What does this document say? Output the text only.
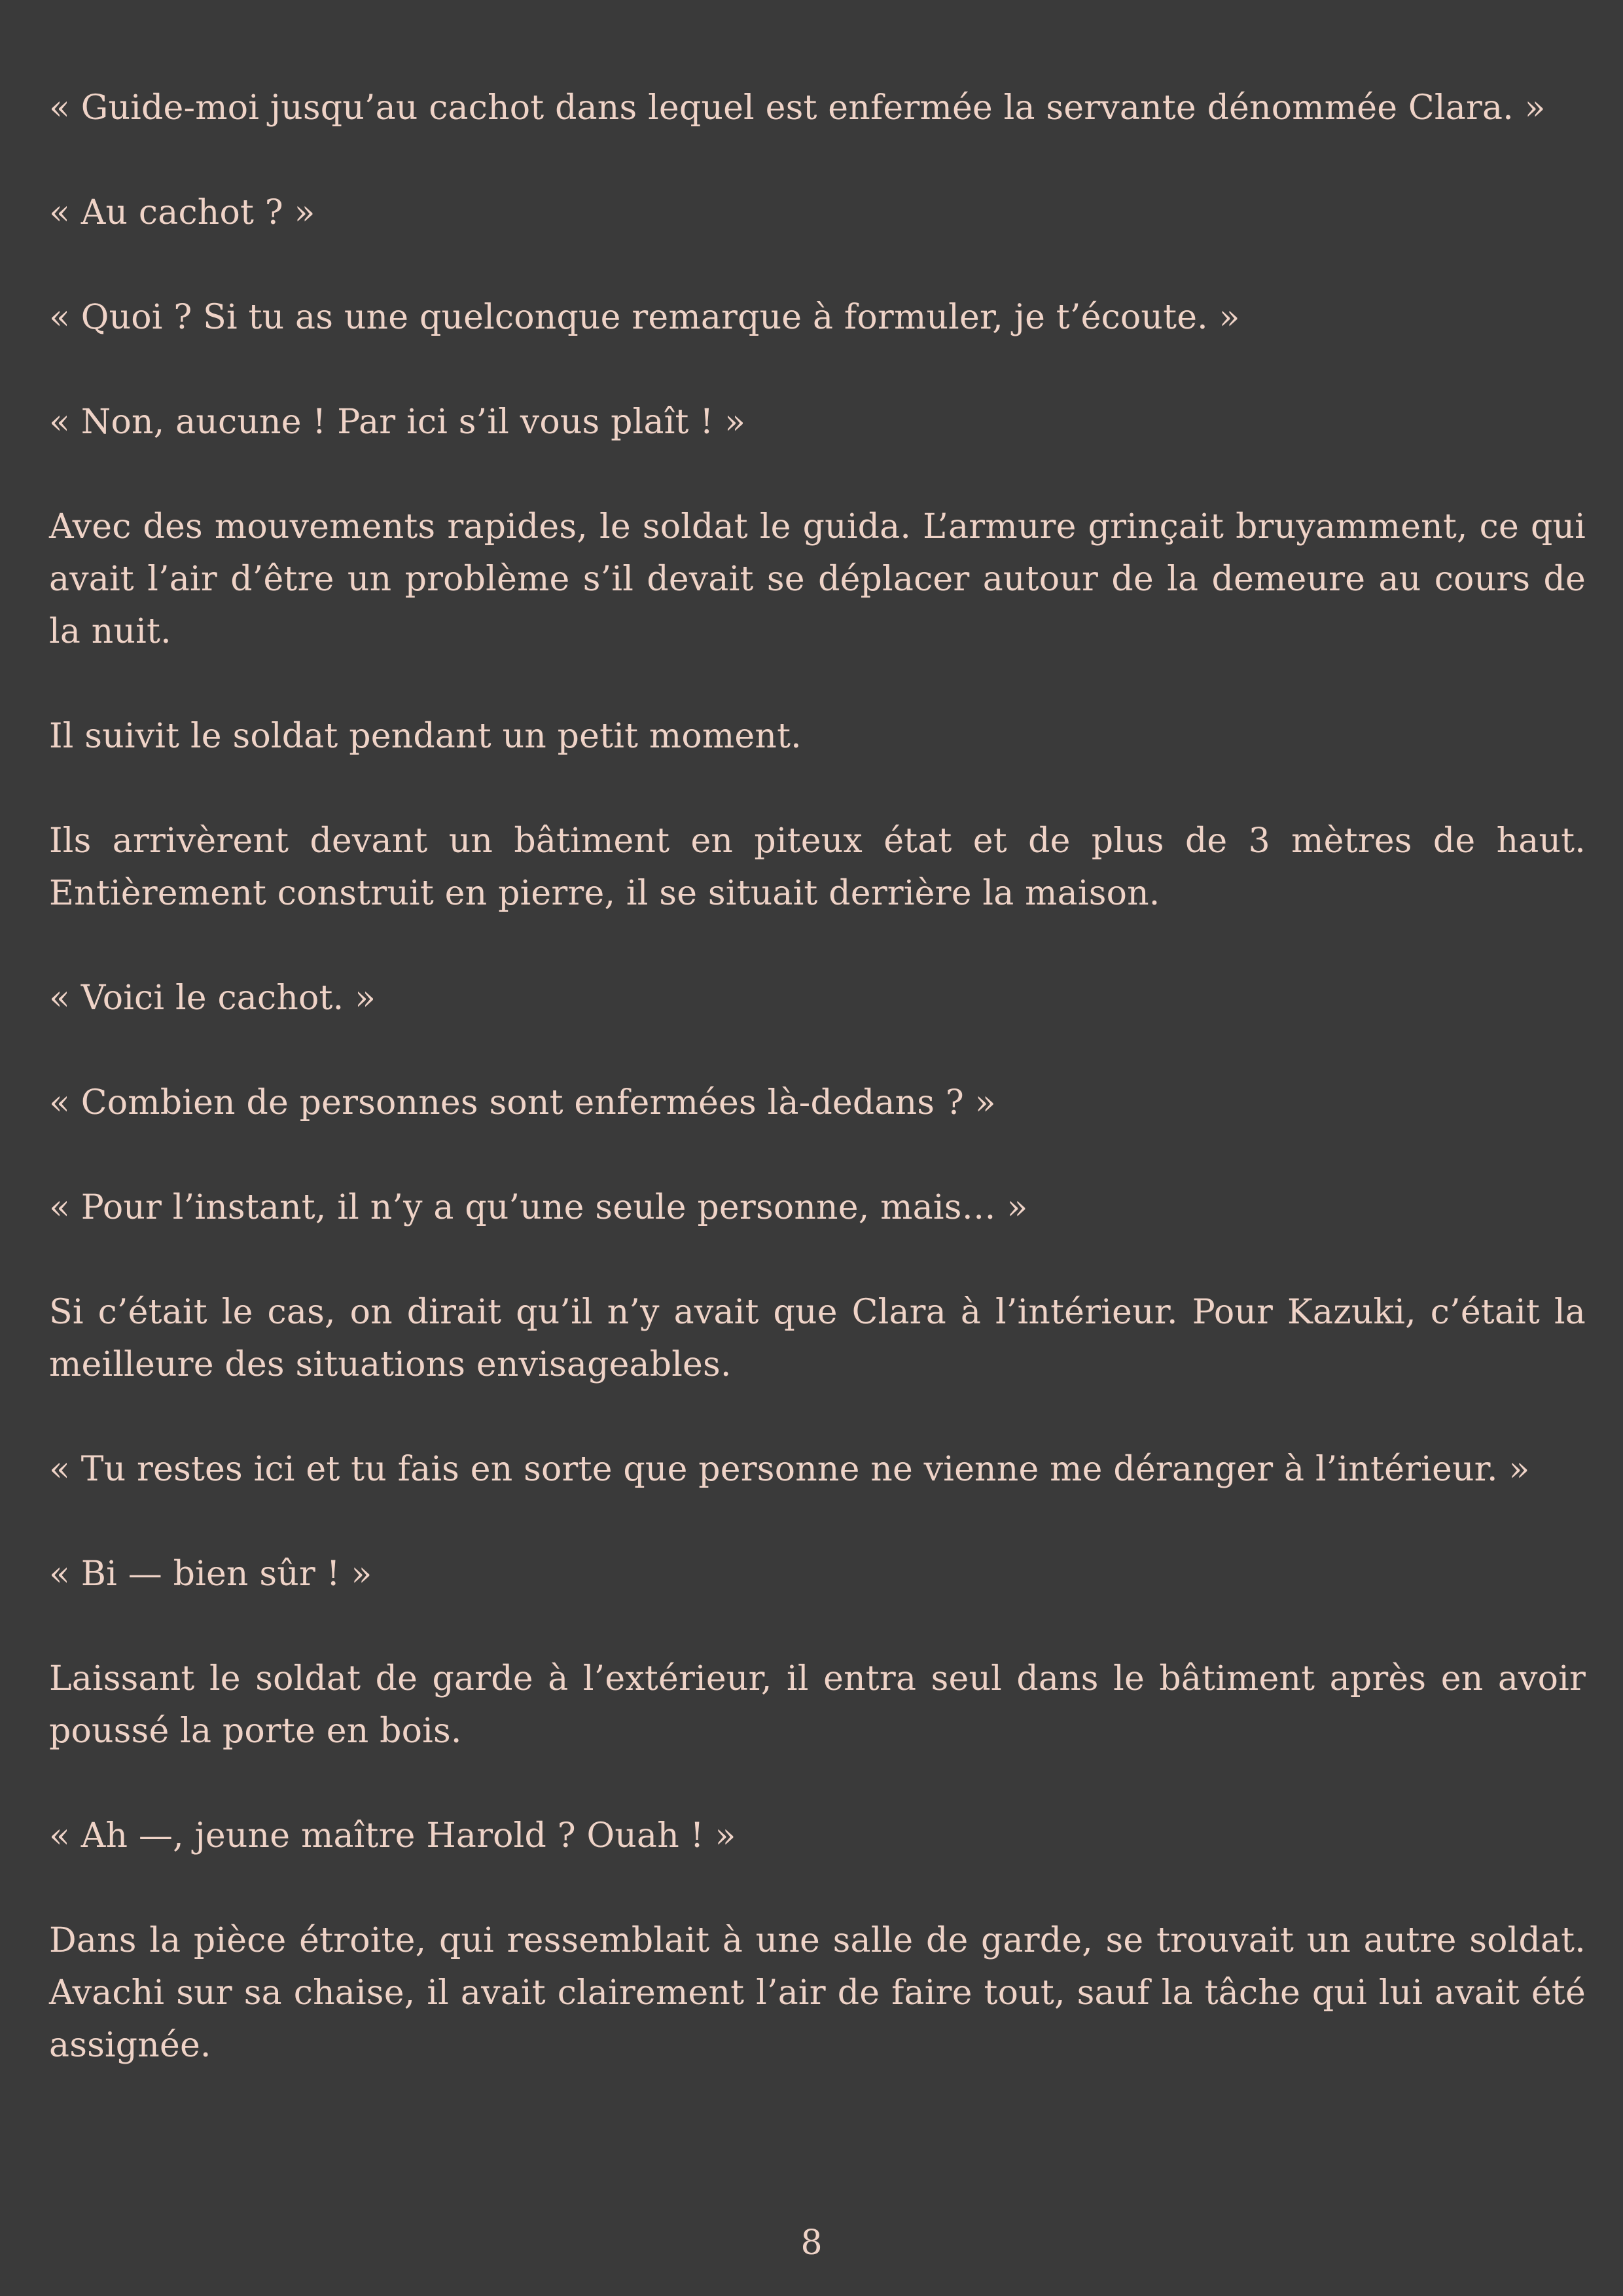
« Guide-moi jusqu’au cachot dans lequel est enfermée la servante dénommée Clara. »

« Au cachot ? »

« Quoi ? Si tu as une quelconque remarque à formuler, je t’écoute. »

« Non, aucune ! Par ici s’il vous plaît ! »

Avec des mouvements rapides, le soldat le guida. L’armure grinçait bruyamment, ce qui avait l’air d’être un problème s’il devait se déplacer autour de la demeure au cours de la nuit.

Il suivit le soldat pendant un petit moment.

Ils arrivèrent devant un bâtiment en piteux état et de plus de 3 mètres de haut. Entièrement construit en pierre, il se situait derrière la maison.

« Voici le cachot. »

« Combien de personnes sont enfermées là-dedans ? »

« Pour l’instant, il n’y a qu’une seule personne, mais… »

Si c’était le cas, on dirait qu’il n’y avait que Clara à l’intérieur. Pour Kazuki, c’était la meilleure des situations envisageables.

« Tu restes ici et tu fais en sorte que personne ne vienne me déranger à l’intérieur. »

« Bi — bien sûr ! »

Laissant le soldat de garde à l’extérieur, il entra seul dans le bâtiment après en avoir poussé la porte en bois.

« Ah —, jeune maître Harold ? Ouah ! »

Dans la pièce étroite, qui ressemblait à une salle de garde, se trouvait un autre soldat. Avachi sur sa chaise, il avait clairement l’air de faire tout, sauf la tâche qui lui avait été assignée.

8
